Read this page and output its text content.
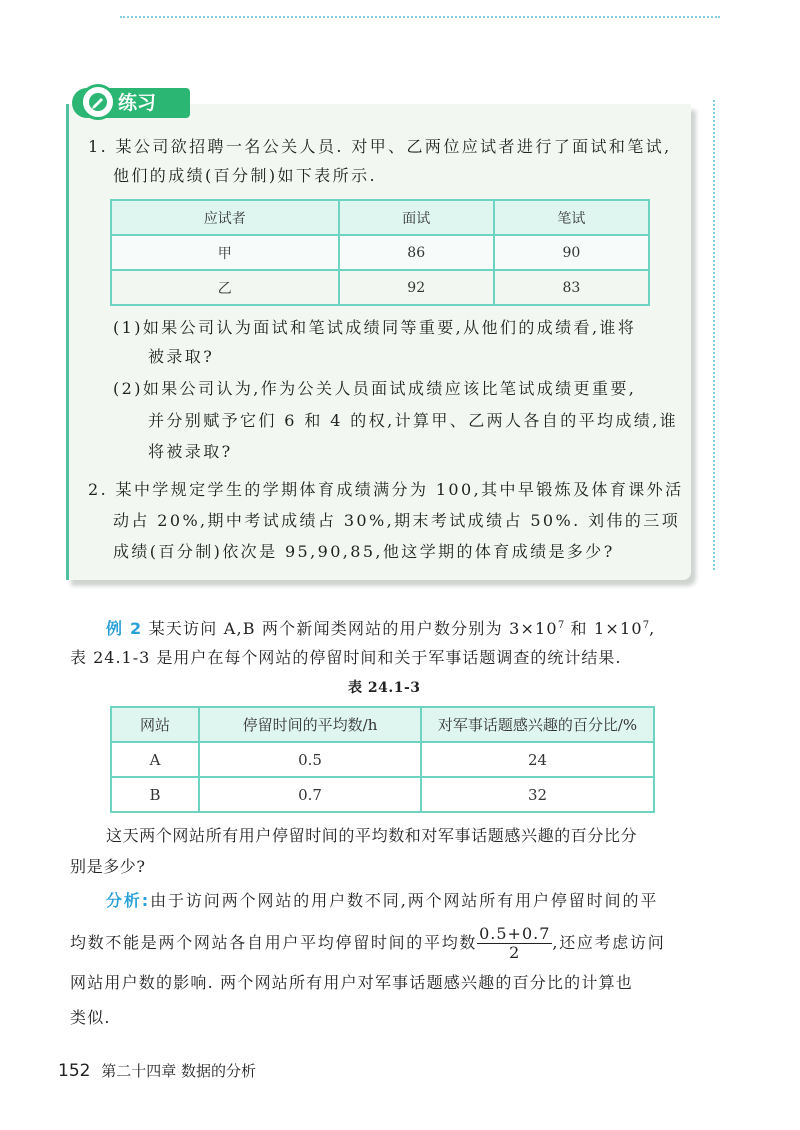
练习
1. 某公司欲招聘一名公关人员. 对甲、乙两位应试者进行了面试和笔试,
他们的成绩(百分制)如下表所示.
应试者	面试	笔试
甲	86	90
乙	92	83
(1)如果公司认为面试和笔试成绩同等重要,从他们的成绩看,谁将
被录取?
(2)如果公司认为,作为公关人员面试成绩应该比笔试成绩更重要,
并分别赋予它们 6 和 4 的权,计算甲、乙两人各自的平均成绩,谁
将被录取?
2. 某中学规定学生的学期体育成绩满分为 100,其中早锻炼及体育课外活
动占 20%,期中考试成绩占 30%,期末考试成绩占 50%. 刘伟的三项
成绩(百分制)依次是 95,90,85,他这学期的体育成绩是多少?
例 2 某天访问 A,B 两个新闻类网站的用户数分别为 $3\times 10^7$ 和 $1\times 10^7$,
表 24.1-3 是用户在每个网站的停留时间和关于军事话题调查的统计结果.
表 24.1-3
网站	停留时间的平均数/h	对军事话题感兴趣的百分比/%
A	0.5	24
B	0.7	32
这天两个网站所有用户停留时间的平均数和对军事话题感兴趣的百分比分
别是多少?
分析:由于访问两个网站的用户数不同,两个网站所有用户停留时间的平
均数不能是两个网站各自用户平均停留时间的平均数 $\frac{0.5+0.7}{2}$ ,还应考虑访问
网站用户数的影响. 两个网站所有用户对军事话题感兴趣的百分比的计算也
类似.
152 第二十四章 数据的分析
